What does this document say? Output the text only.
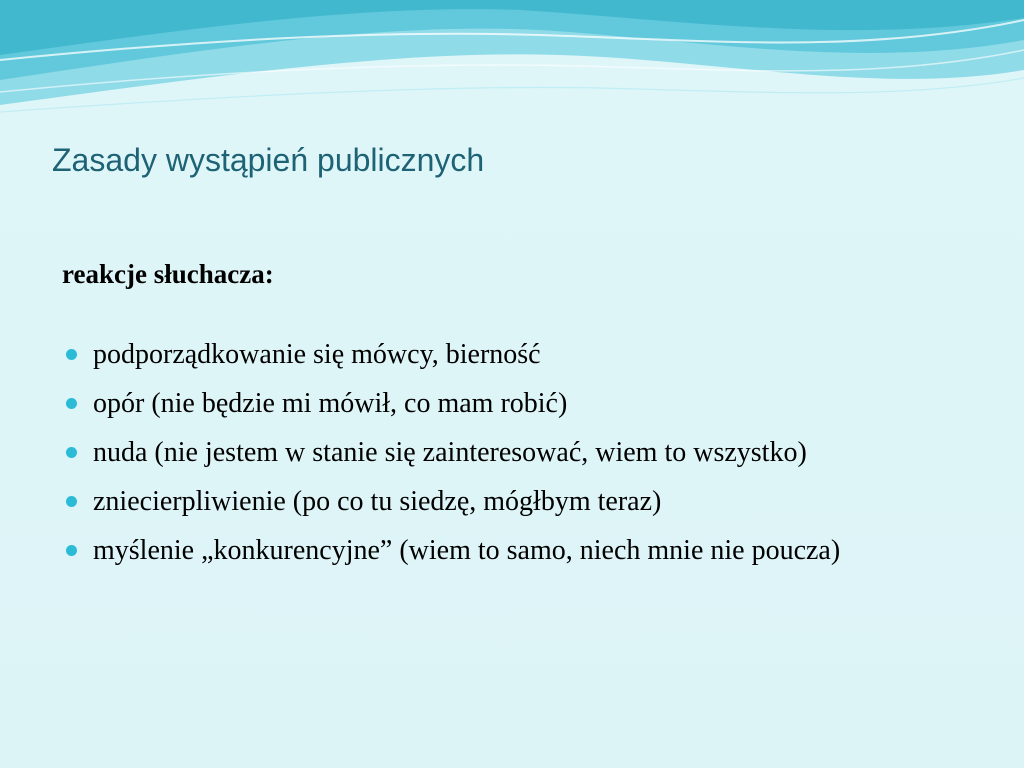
Zasady wystąpień publicznych

reakcje słuchacza:

podporządkowanie się mówcy, bierność
opór (nie będzie mi mówił, co mam robić)
nuda (nie jestem w stanie się zainteresować, wiem to wszystko)
zniecierpliwienie (po co tu siedzę, mógłbym teraz)
myślenie „konkurencyjne” (wiem to samo, niech mnie nie poucza)
